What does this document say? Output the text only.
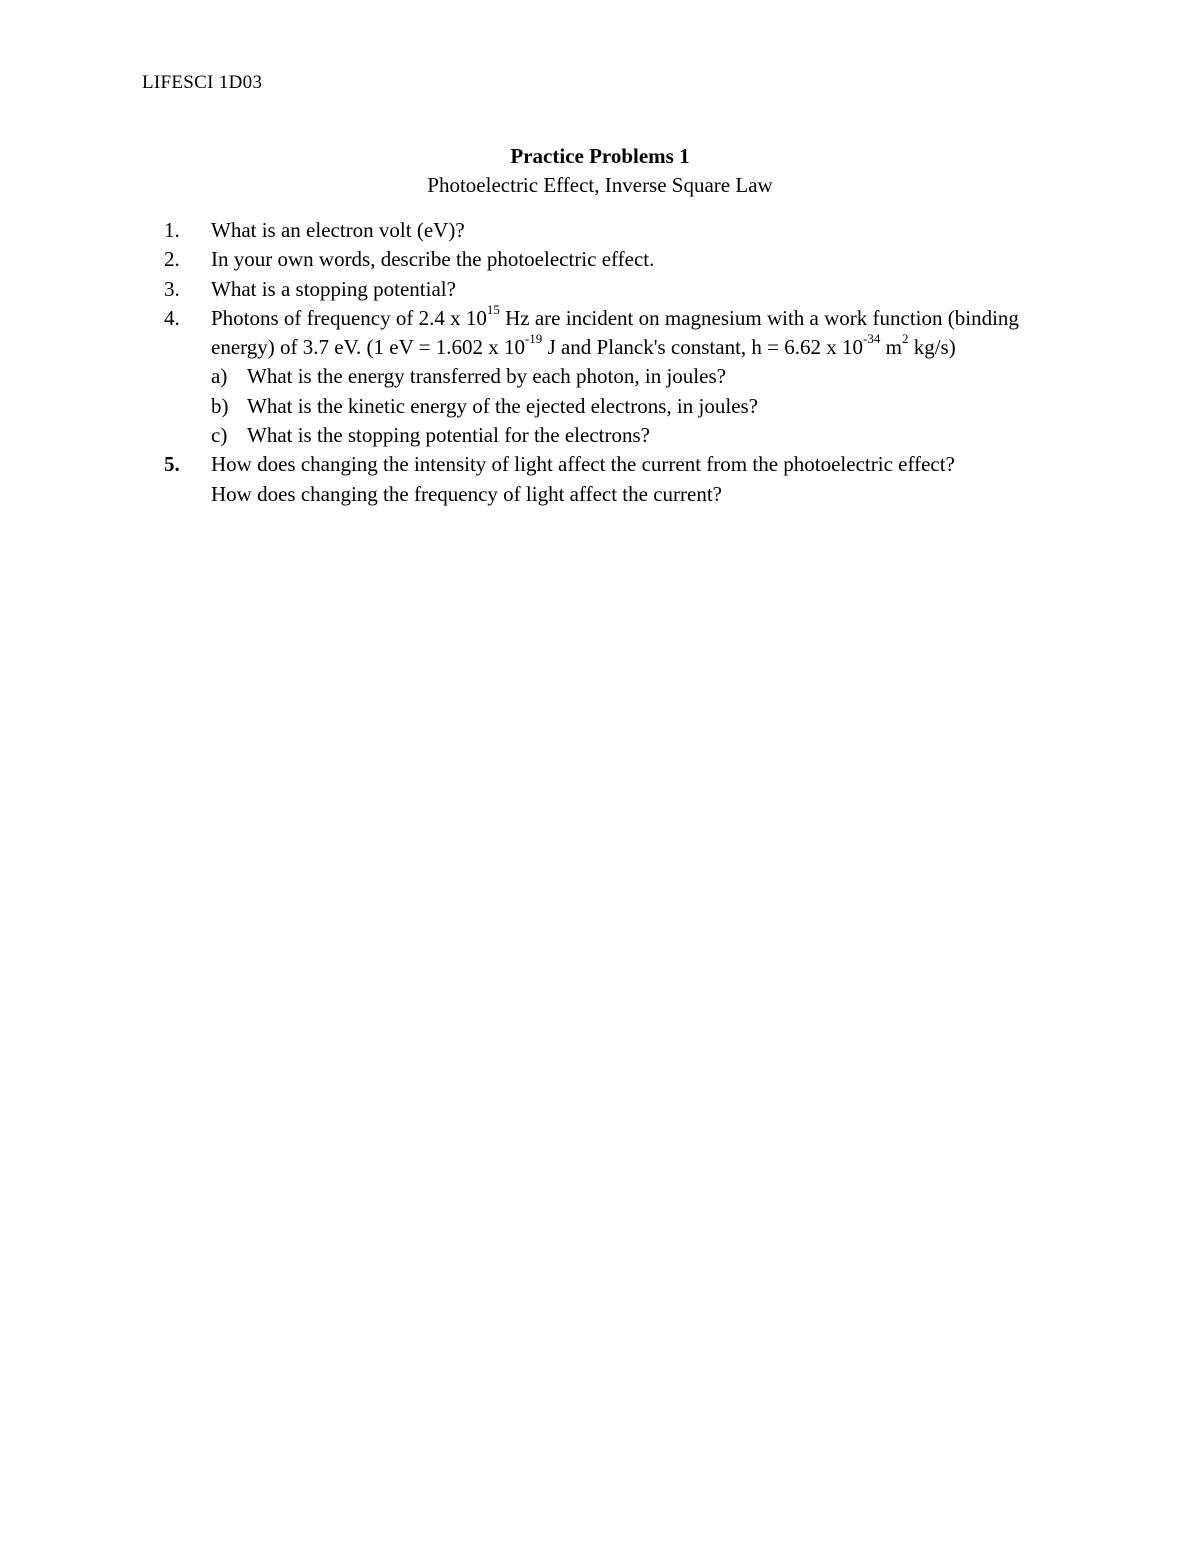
LIFESCI 1D03
Practice Problems 1
Photoelectric Effect, Inverse Square Law
1. What is an electron volt (eV)?
2. In your own words, describe the photoelectric effect.
3. What is a stopping potential?
4. Photons of frequency of 2.4 x $10^{15}$ Hz are incident on magnesium with a work function (binding energy) of 3.7 eV. (1 eV = 1.602 x $10^{-19}$ J and Planck's constant, h = 6.62 x $10^{-34}$ $m^2$ kg/s)
a) What is the energy transferred by each photon, in joules?
b) What is the kinetic energy of the ejected electrons, in joules?
c) What is the stopping potential for the electrons?
5. How does changing the intensity of light affect the current from the photoelectric effect?
How does changing the frequency of light affect the current?
